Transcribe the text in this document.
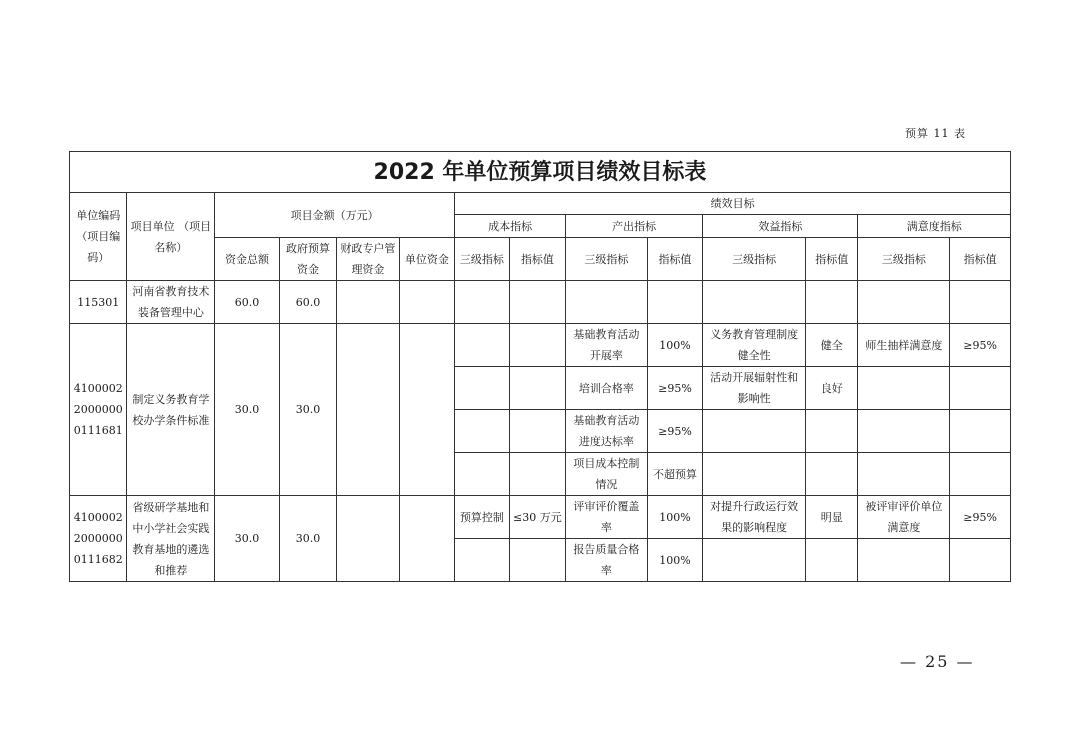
预算 11 表
2022 年单位预算项目绩效目标表													
单位编码（项目编码）	项目单位 （项目名称）	项目金额（万元）				绩效目标							
						成本指标		产出指标		效益指标		满意度指标	
		资金总额	政府预算资金	财政专户管理资金	单位资金	三级指标	指标值	三级指标	指标值	三级指标	指标值	三级指标	指标值
115301	河南省教育技术装备管理中心	60.0	60.0										
410000220000000111681	制定义务教育学校办学条件标准	30.0	30.0					基础教育活动开展率	100%	义务教育管理制度健全性	健全	师生抽样满意度	≥95%
								培训合格率	≥95%	活动开展辐射性和影响性	良好		
								基础教育活动进度达标率	≥95%				
								项目成本控制情况	不超预算				
410000220000000111682	省级研学基地和中小学社会实践教育基地的遴选和推荐	30.0	30.0			预算控制	≤30 万元	评审评价覆盖率	100%	对提升行政运行效果的影响程度	明显	被评审评价单位满意度	≥95%
								报告质量合格率	100%				
— 25 —
